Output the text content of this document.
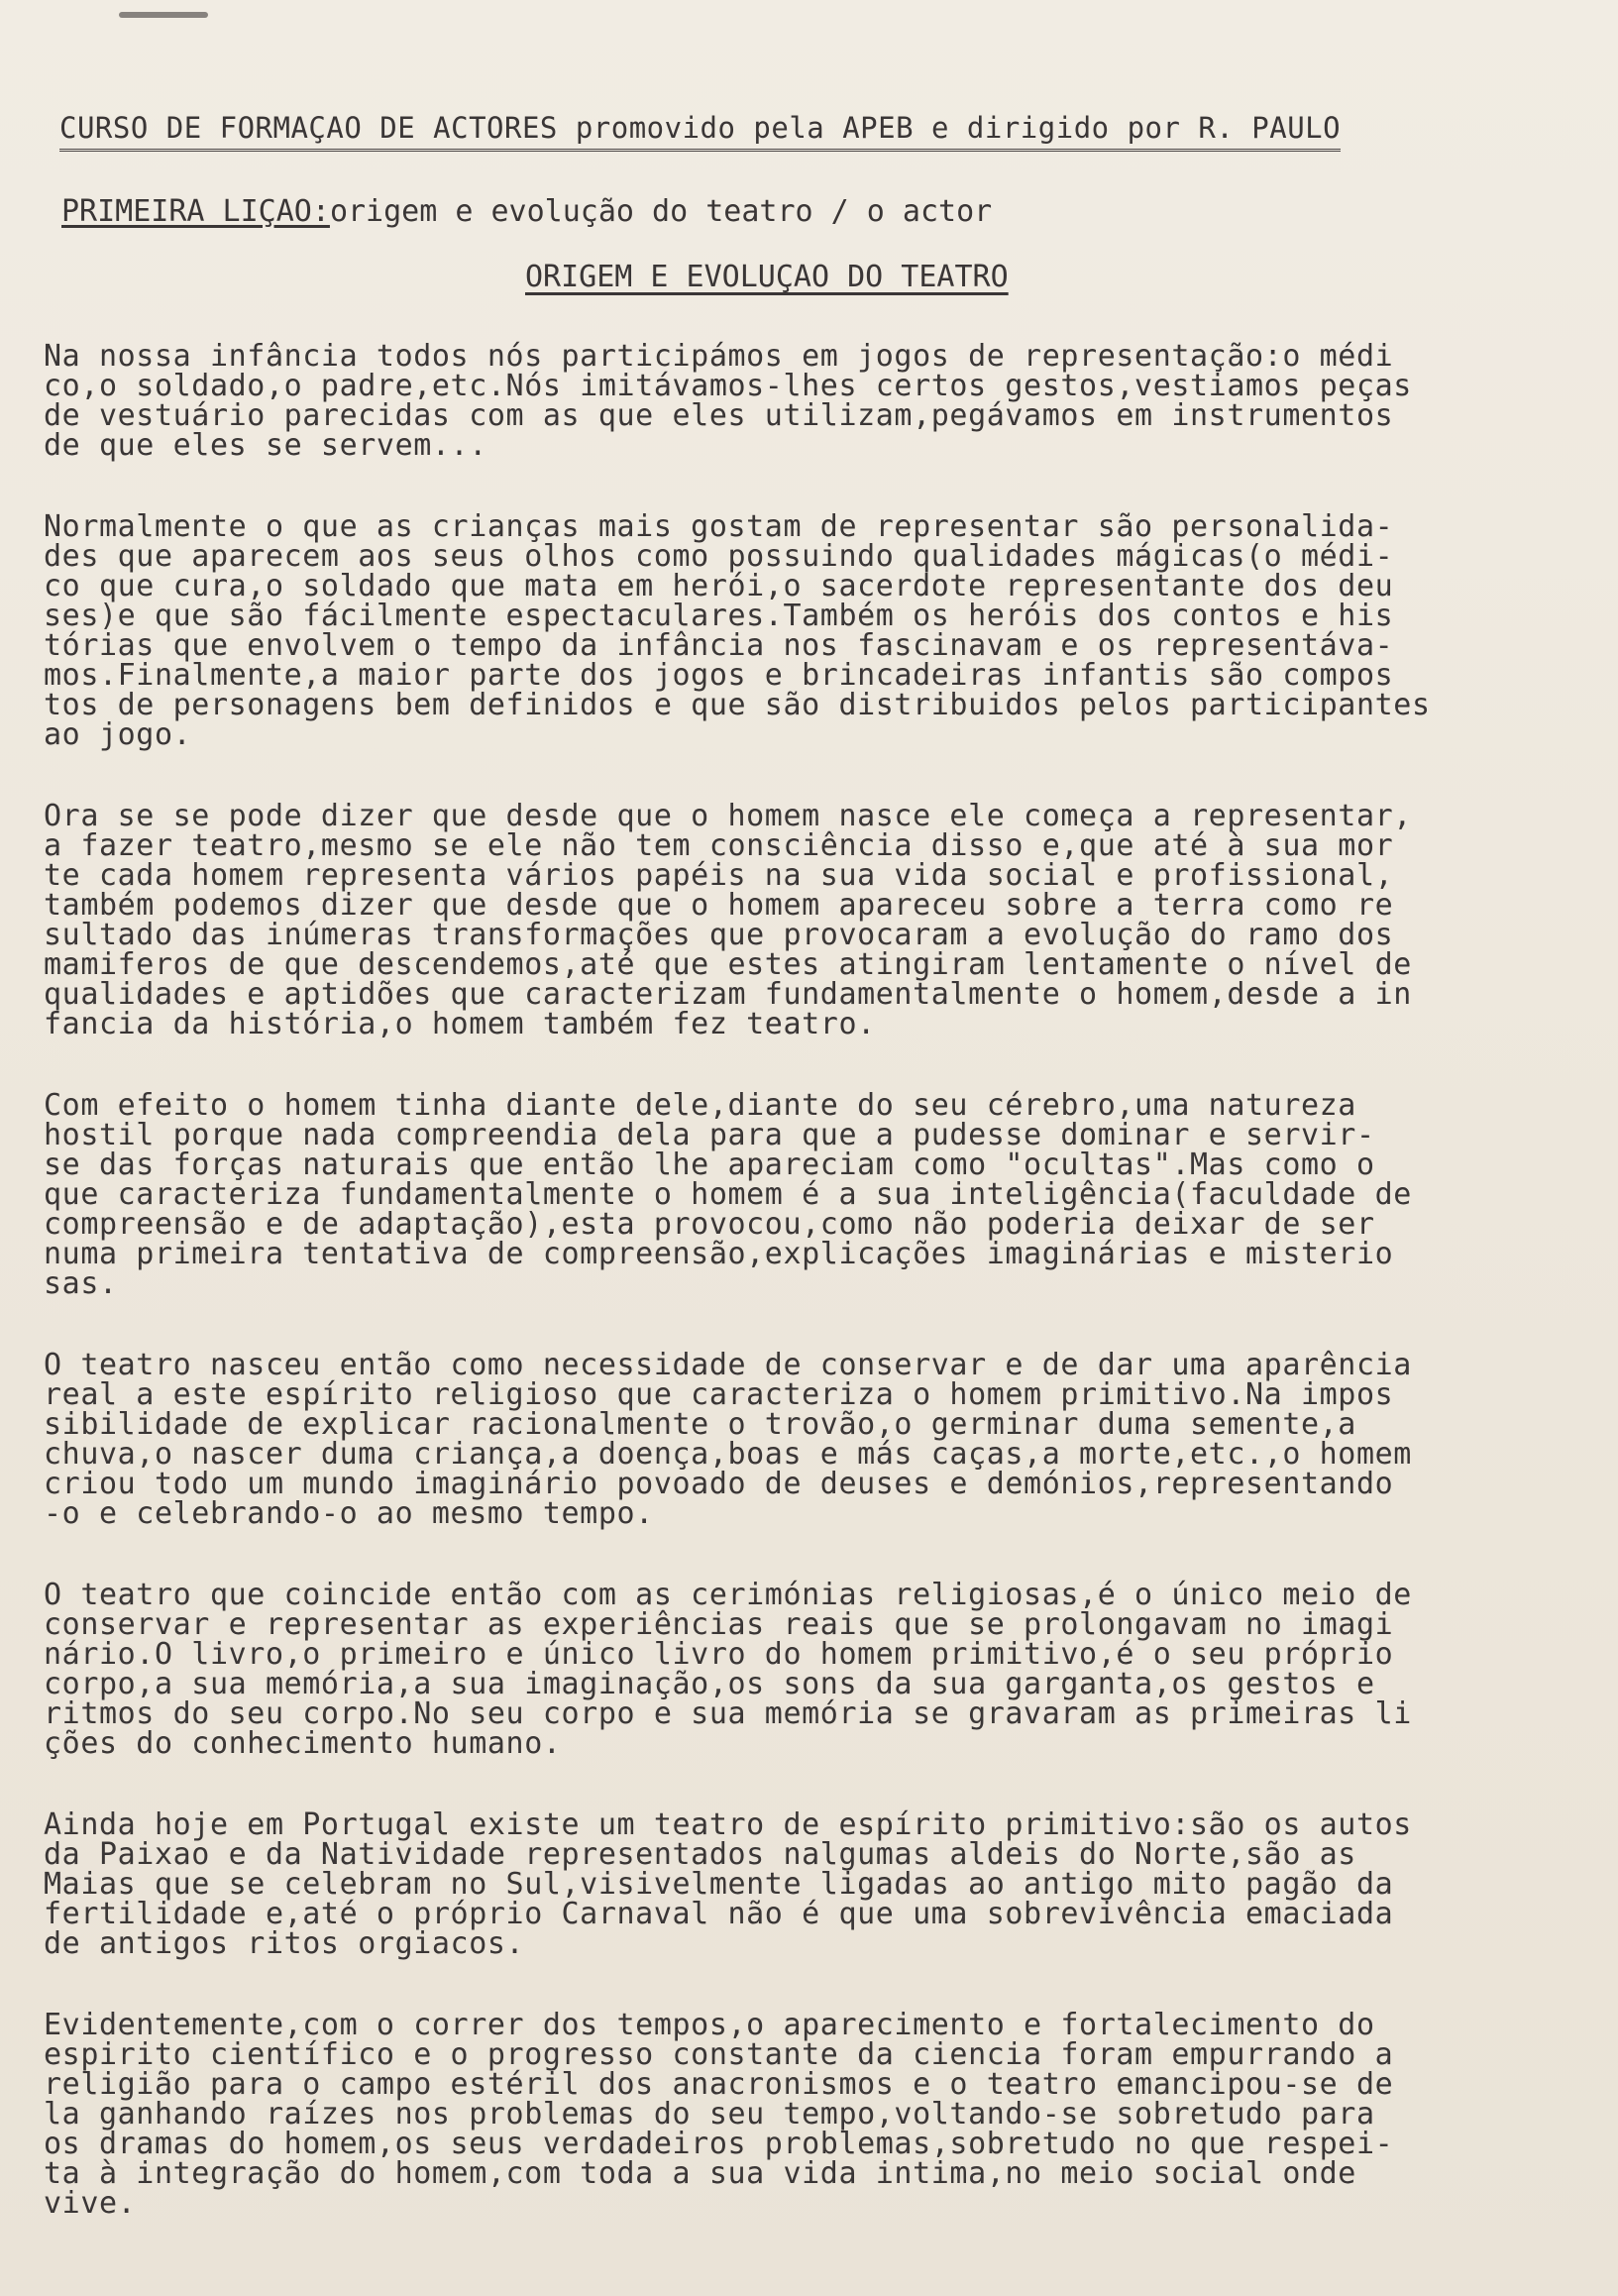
CURSO DE FORMAÇAO DE ACTORES promovido pela APEB e dirigido por R. PAULO
PRIMEIRA LIÇAO:origem e evolução do teatro / o actor
ORIGEM E EVOLUÇAO DO TEATRO
Na nossa infância todos nós participámos em jogos de representação:o médi
co,o soldado,o padre,etc.Nós imitávamos-lhes certos gestos,vestiamos peças
de vestuário parecidas com as que eles utilizam,pegávamos em instrumentos
de que eles se servem...
Normalmente o que as crianças mais gostam de representar são personalida-
des que aparecem aos seus olhos como possuindo qualidades mágicas(o médi-
co que cura,o soldado que mata em herói,o sacerdote representante dos deu
ses)e que são fácilmente espectaculares.Também os heróis dos contos e his
tórias que envolvem o tempo da infância nos fascinavam e os representáva-
mos.Finalmente,a maior parte dos jogos e brincadeiras infantis são compos
tos de personagens bem definidos e que são distribuidos pelos participantes
ao jogo.
Ora se se pode dizer que desde que o homem nasce ele começa a representar,
a fazer teatro,mesmo se ele não tem consciência disso e,que até à sua mor
te cada homem representa vários papéis na sua vida social e profissional,
também podemos dizer que desde que o homem apareceu sobre a terra como re
sultado das inúmeras transformações que provocaram a evolução do ramo dos
mamiferos de que descendemos,até que estes atingiram lentamente o nível de
qualidades e aptidões que caracterizam fundamentalmente o homem,desde a in
fancia da história,o homem também fez teatro.
Com efeito o homem tinha diante dele,diante do seu cérebro,uma natureza
hostil porque nada compreendia dela para que a pudesse dominar e servir-
se das forças naturais que então lhe apareciam como "ocultas".Mas como o
que caracteriza fundamentalmente o homem é a sua inteligência(faculdade de
compreensão e de adaptação),esta provocou,como não poderia deixar de ser
numa primeira tentativa de compreensão,explicações imaginárias e misterio
sas.
O teatro nasceu então como necessidade de conservar e de dar uma aparência
real a este espírito religioso que caracteriza o homem primitivo.Na impos
sibilidade de explicar racionalmente o trovão,o germinar duma semente,a
chuva,o nascer duma criança,a doença,boas e más caças,a morte,etc.,o homem
criou todo um mundo imaginário povoado de deuses e demónios,representando
-o e celebrando-o ao mesmo tempo.
O teatro que coincide então com as cerimónias religiosas,é o único meio de
conservar e representar as experiências reais que se prolongavam no imagi
nário.O livro,o primeiro e único livro do homem primitivo,é o seu próprio
corpo,a sua memória,a sua imaginação,os sons da sua garganta,os gestos e
ritmos do seu corpo.No seu corpo e sua memória se gravaram as primeiras li
ções do conhecimento humano.
Ainda hoje em Portugal existe um teatro de espírito primitivo:são os autos
da Paixao e da Natividade representados nalgumas aldeis do Norte,são as
Maias que se celebram no Sul,visivelmente ligadas ao antigo mito pagão da
fertilidade e,até o próprio Carnaval não é que uma sobrevivência emaciada
de antigos ritos orgiacos.
Evidentemente,com o correr dos tempos,o aparecimento e fortalecimento do
espirito científico e o progresso constante da ciencia foram empurrando a
religião para o campo estéril dos anacronismos e o teatro emancipou-se de
la ganhando raízes nos problemas do seu tempo,voltando-se sobretudo para
os dramas do homem,os seus verdadeiros problemas,sobretudo no que respei-
ta à integração do homem,com toda a sua vida intima,no meio social onde
vive.
